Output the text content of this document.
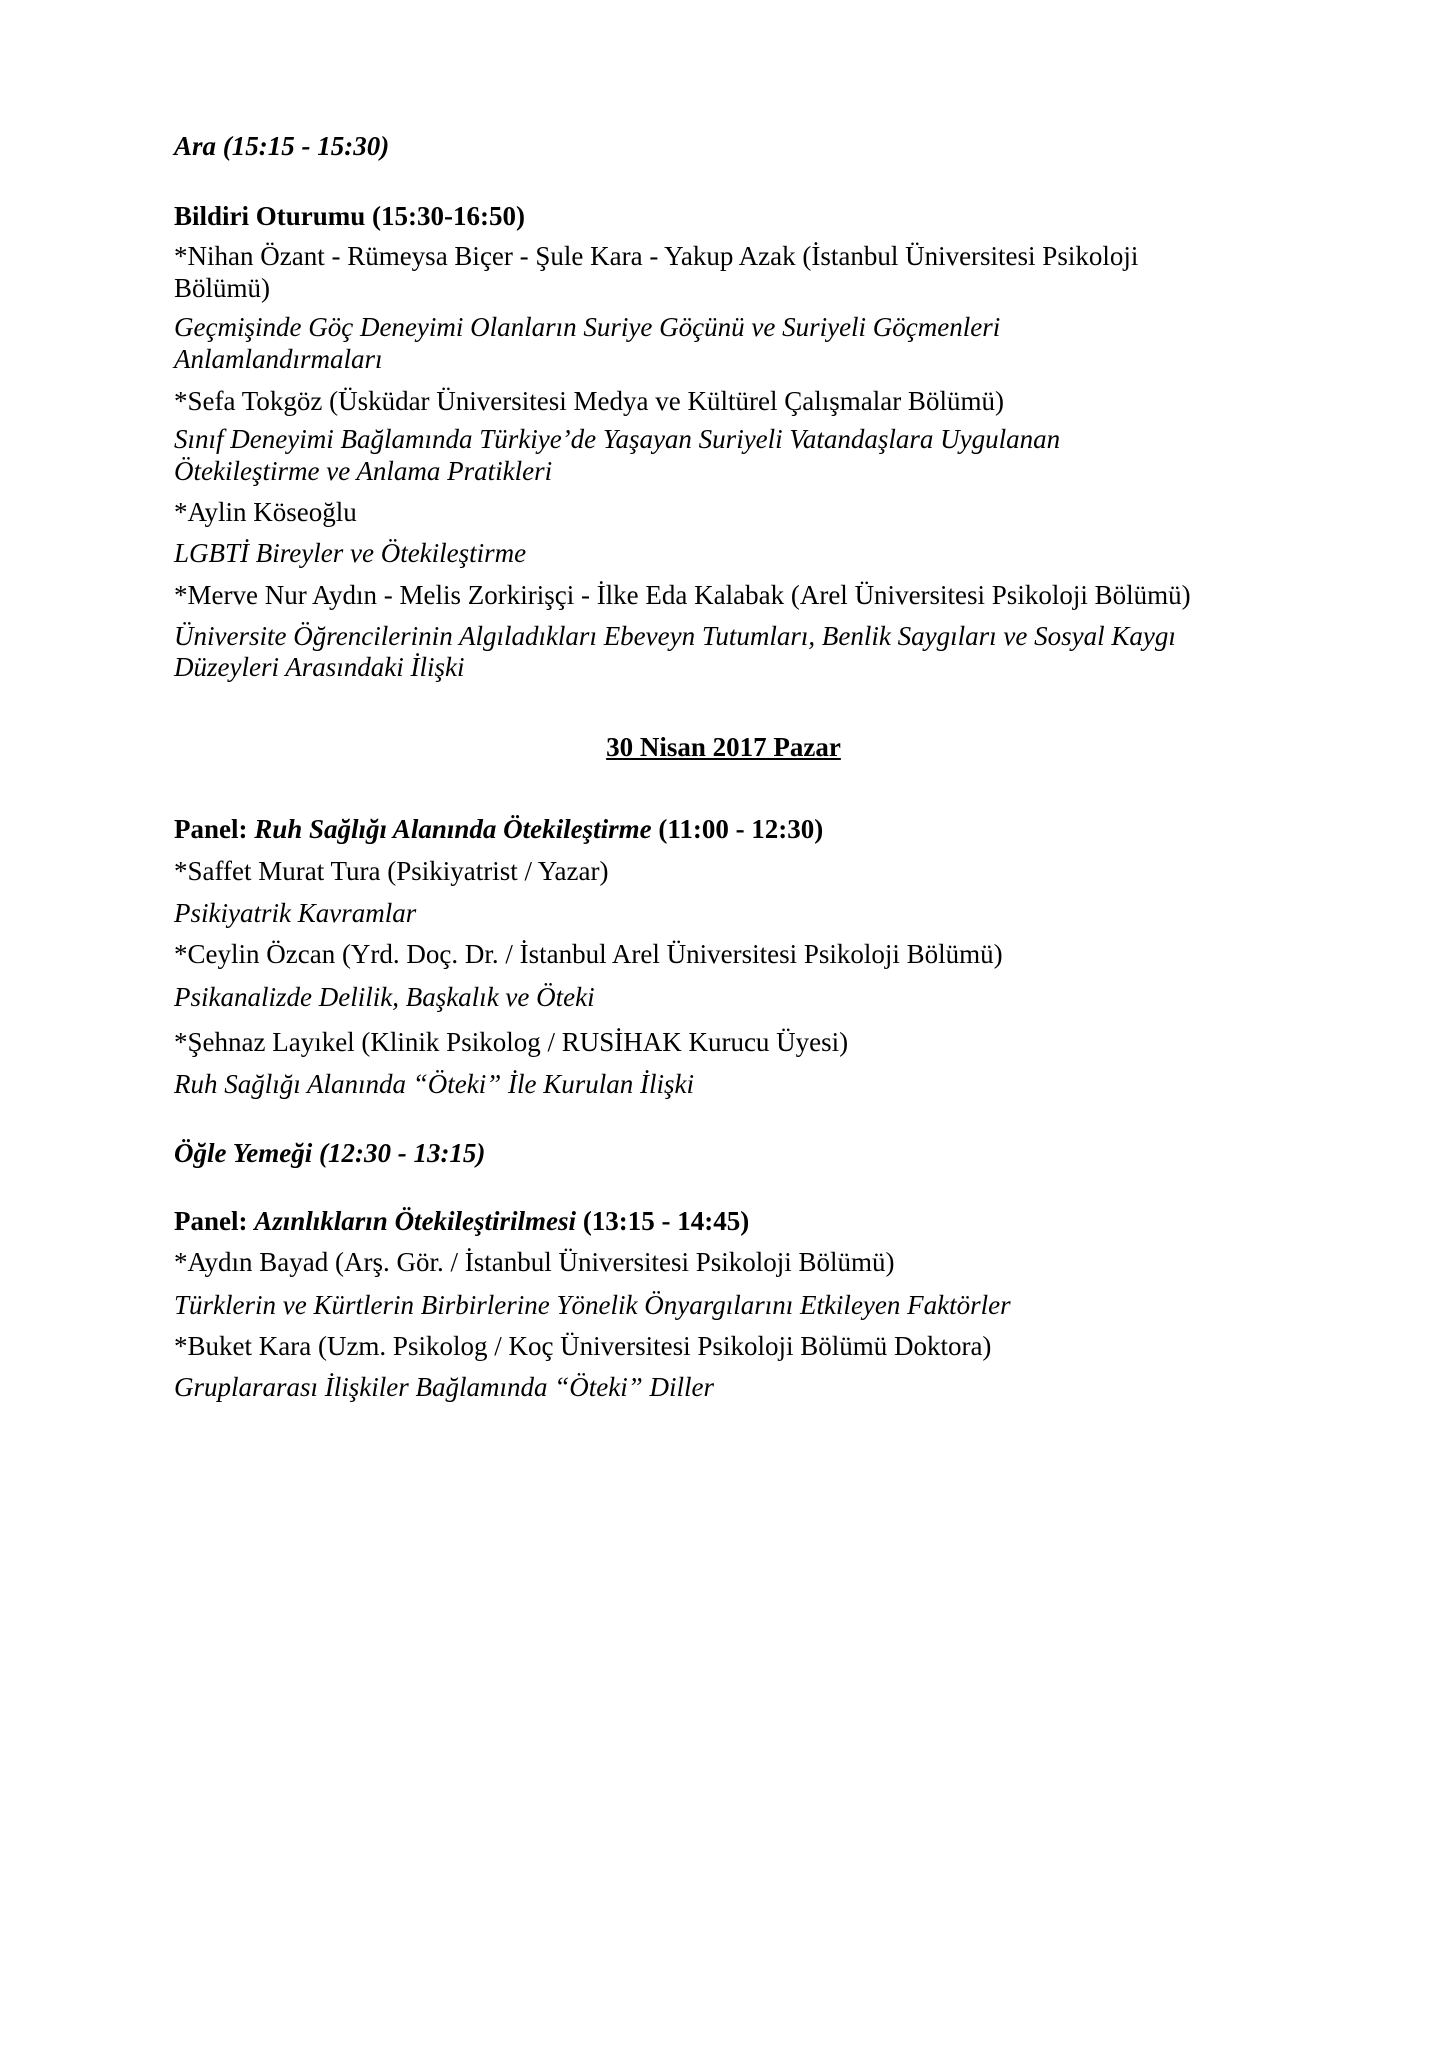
Ara (15:15 - 15:30)
Bildiri Oturumu (15:30-16:50)
*Nihan Özant - Rümeysa Biçer - Şule Kara - Yakup Azak (İstanbul Üniversitesi Psikoloji
Bölümü)
Geçmişinde Göç Deneyimi Olanların Suriye Göçünü ve Suriyeli Göçmenleri
Anlamlandırmaları
*Sefa Tokgöz (Üsküdar Üniversitesi Medya ve Kültürel Çalışmalar Bölümü)
Sınıf Deneyimi Bağlamında Türkiye’de Yaşayan Suriyeli Vatandaşlara Uygulanan
Ötekileştirme ve Anlama Pratikleri
*Aylin Köseoğlu
LGBTİ Bireyler ve Ötekileştirme
*Merve Nur Aydın - Melis Zorkirişçi - İlke Eda Kalabak (Arel Üniversitesi Psikoloji Bölümü)
Üniversite Öğrencilerinin Algıladıkları Ebeveyn Tutumları, Benlik Saygıları ve Sosyal Kaygı
Düzeyleri Arasındaki İlişki
30 Nisan 2017 Pazar
Panel: Ruh Sağlığı Alanında Ötekileştirme (11:00 - 12:30)
*Saffet Murat Tura (Psikiyatrist / Yazar)
Psikiyatrik Kavramlar
*Ceylin Özcan (Yrd. Doç. Dr. / İstanbul Arel Üniversitesi Psikoloji Bölümü)
Psikanalizde Delilik, Başkalık ve Öteki
*Şehnaz Layıkel (Klinik Psikolog / RUSİHAK Kurucu Üyesi)
Ruh Sağlığı Alanında “Öteki” İle Kurulan İlişki
Öğle Yemeği (12:30 - 13:15)
Panel: Azınlıkların Ötekileştirilmesi (13:15 - 14:45)
*Aydın Bayad (Arş. Gör. / İstanbul Üniversitesi Psikoloji Bölümü)
Türklerin ve Kürtlerin Birbirlerine Yönelik Önyargılarını Etkileyen Faktörler
*Buket Kara (Uzm. Psikolog / Koç Üniversitesi Psikoloji Bölümü Doktora)
Gruplararası İlişkiler Bağlamında “Öteki” Diller
